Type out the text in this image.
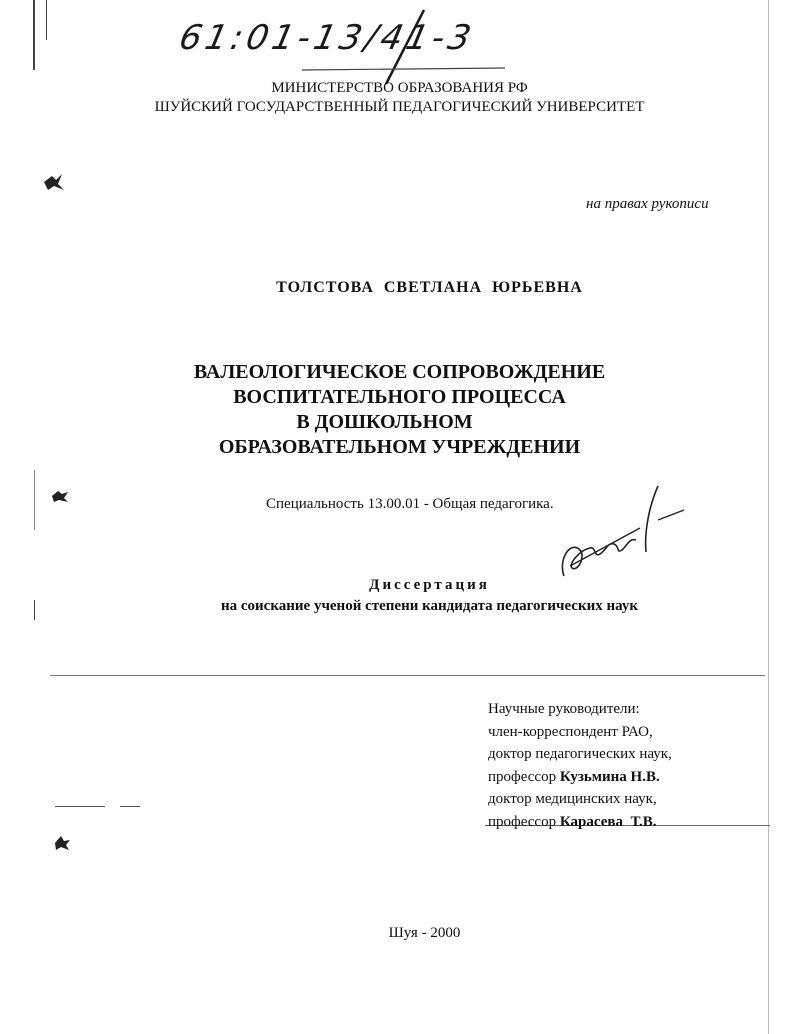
61:01-13/41-3
МИНИСТЕРСТВО ОБРАЗОВАНИЯ РФ
ШУЙСКИЙ ГОСУДАРСТВЕННЫЙ ПЕДАГОГИЧЕСКИЙ УНИВЕРСИТЕТ
на правах рукописи
ТОЛСТОВА СВЕТЛАНА ЮРЬЕВНА
ВАЛЕОЛОГИЧЕСКОЕ СОПРОВОЖДЕНИЕ
ВОСПИТАТЕЛЬНОГО ПРОЦЕССА
В ДОШКОЛЬНОМ
ОБРАЗОВАТЕЛЬНОМ УЧРЕЖДЕНИИ
Специальность 13.00.01 - Общая педагогика.
Диссертация
на соискание ученой степени кандидата педагогических наук
Научные руководители:
член-корреспондент РАО,
доктор педагогических наук,
профессор Кузьмина Н.В.
доктор медицинских наук,
профессор Карасева  Т.В.
Шуя - 2000
